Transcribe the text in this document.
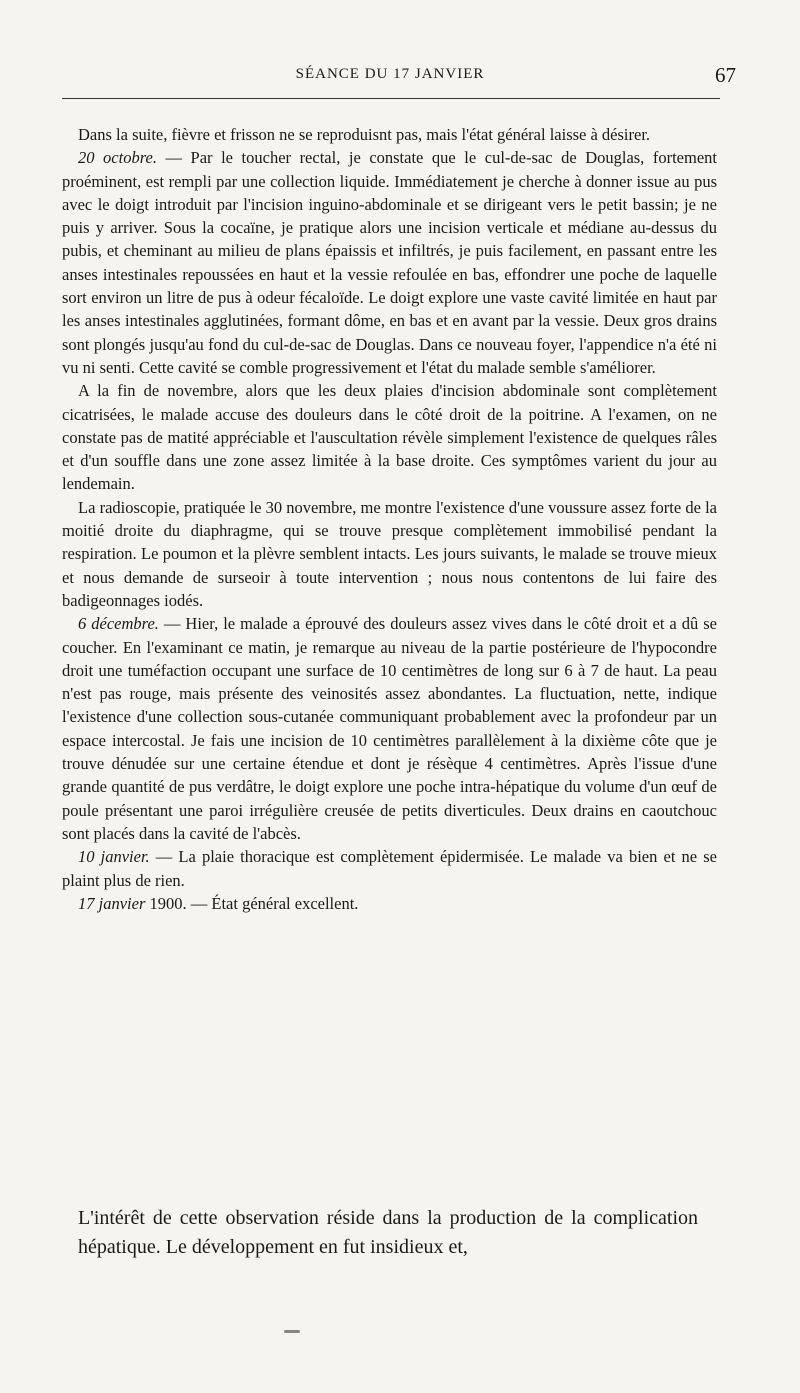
SÉANCE DU 17 JANVIER	67

Dans la suite, fièvre et frisson ne se reproduisnt pas, mais l'état général laisse à désirer.

20 octobre. — Par le toucher rectal, je constate que le cul-de-sac de Douglas, fortement proéminent, est rempli par une collection liquide. Immédiatement je cherche à donner issue au pus avec le doigt introduit par l'incision inguino-abdominale et se dirigeant vers le petit bassin; je ne puis y arriver. Sous la cocaïne, je pratique alors une incision verticale et médiane au-dessus du pubis, et cheminant au milieu de plans épaissis et infiltrés, je puis facilement, en passant entre les anses intestinales repoussées en haut et la vessie refoulée en bas, effondrer une poche de laquelle sort environ un litre de pus à odeur fécaloïde. Le doigt explore une vaste cavité limitée en haut par les anses intestinales agglutinées, formant dôme, en bas et en avant par la vessie. Deux gros drains sont plongés jusqu'au fond du cul-de-sac de Douglas. Dans ce nouveau foyer, l'appendice n'a été ni vu ni senti. Cette cavité se comble progressivement et l'état du malade semble s'améliorer.

A la fin de novembre, alors que les deux plaies d'incision abdominale sont complètement cicatrisées, le malade accuse des douleurs dans le côté droit de la poitrine. A l'examen, on ne constate pas de matité appréciable et l'auscultation révèle simplement l'existence de quelques râles et d'un souffle dans une zone assez limitée à la base droite. Ces symptômes varient du jour au lendemain.

La radioscopie, pratiquée le 30 novembre, me montre l'existence d'une voussure assez forte de la moitié droite du diaphragme, qui se trouve presque complètement immobilisé pendant la respiration. Le poumon et la plèvre semblent intacts. Les jours suivants, le malade se trouve mieux et nous demande de surseoir à toute intervention ; nous nous contentons de lui faire des badigeonnages iodés.

6 décembre. — Hier, le malade a éprouvé des douleurs assez vives dans le côté droit et a dû se coucher. En l'examinant ce matin, je remarque au niveau de la partie postérieure de l'hypocondre droit une tuméfaction occupant une surface de 10 centimètres de long sur 6 à 7 de haut. La peau n'est pas rouge, mais présente des veinosités assez abondantes. La fluctuation, nette, indique l'existence d'une collection sous-cutanée communiquant probablement avec la profondeur par un espace intercostal. Je fais une incision de 10 centimètres parallèlement à la dixième côte que je trouve dénudée sur une certaine étendue et dont je résèque 4 centimètres. Après l'issue d'une grande quantité de pus verdâtre, le doigt explore une poche intra-hépatique du volume d'un œuf de poule présentant une paroi irrégulière creusée de petits diverticules. Deux drains en caoutchouc sont placés dans la cavité de l'abcès.

10 janvier. — La plaie thoracique est complètement épidermisée. Le malade va bien et ne se plaint plus de rien.

17 janvier 1900. — État général excellent.

L'intérêt de cette observation réside dans la production de la complication hépatique. Le développement en fut insidieux et,
